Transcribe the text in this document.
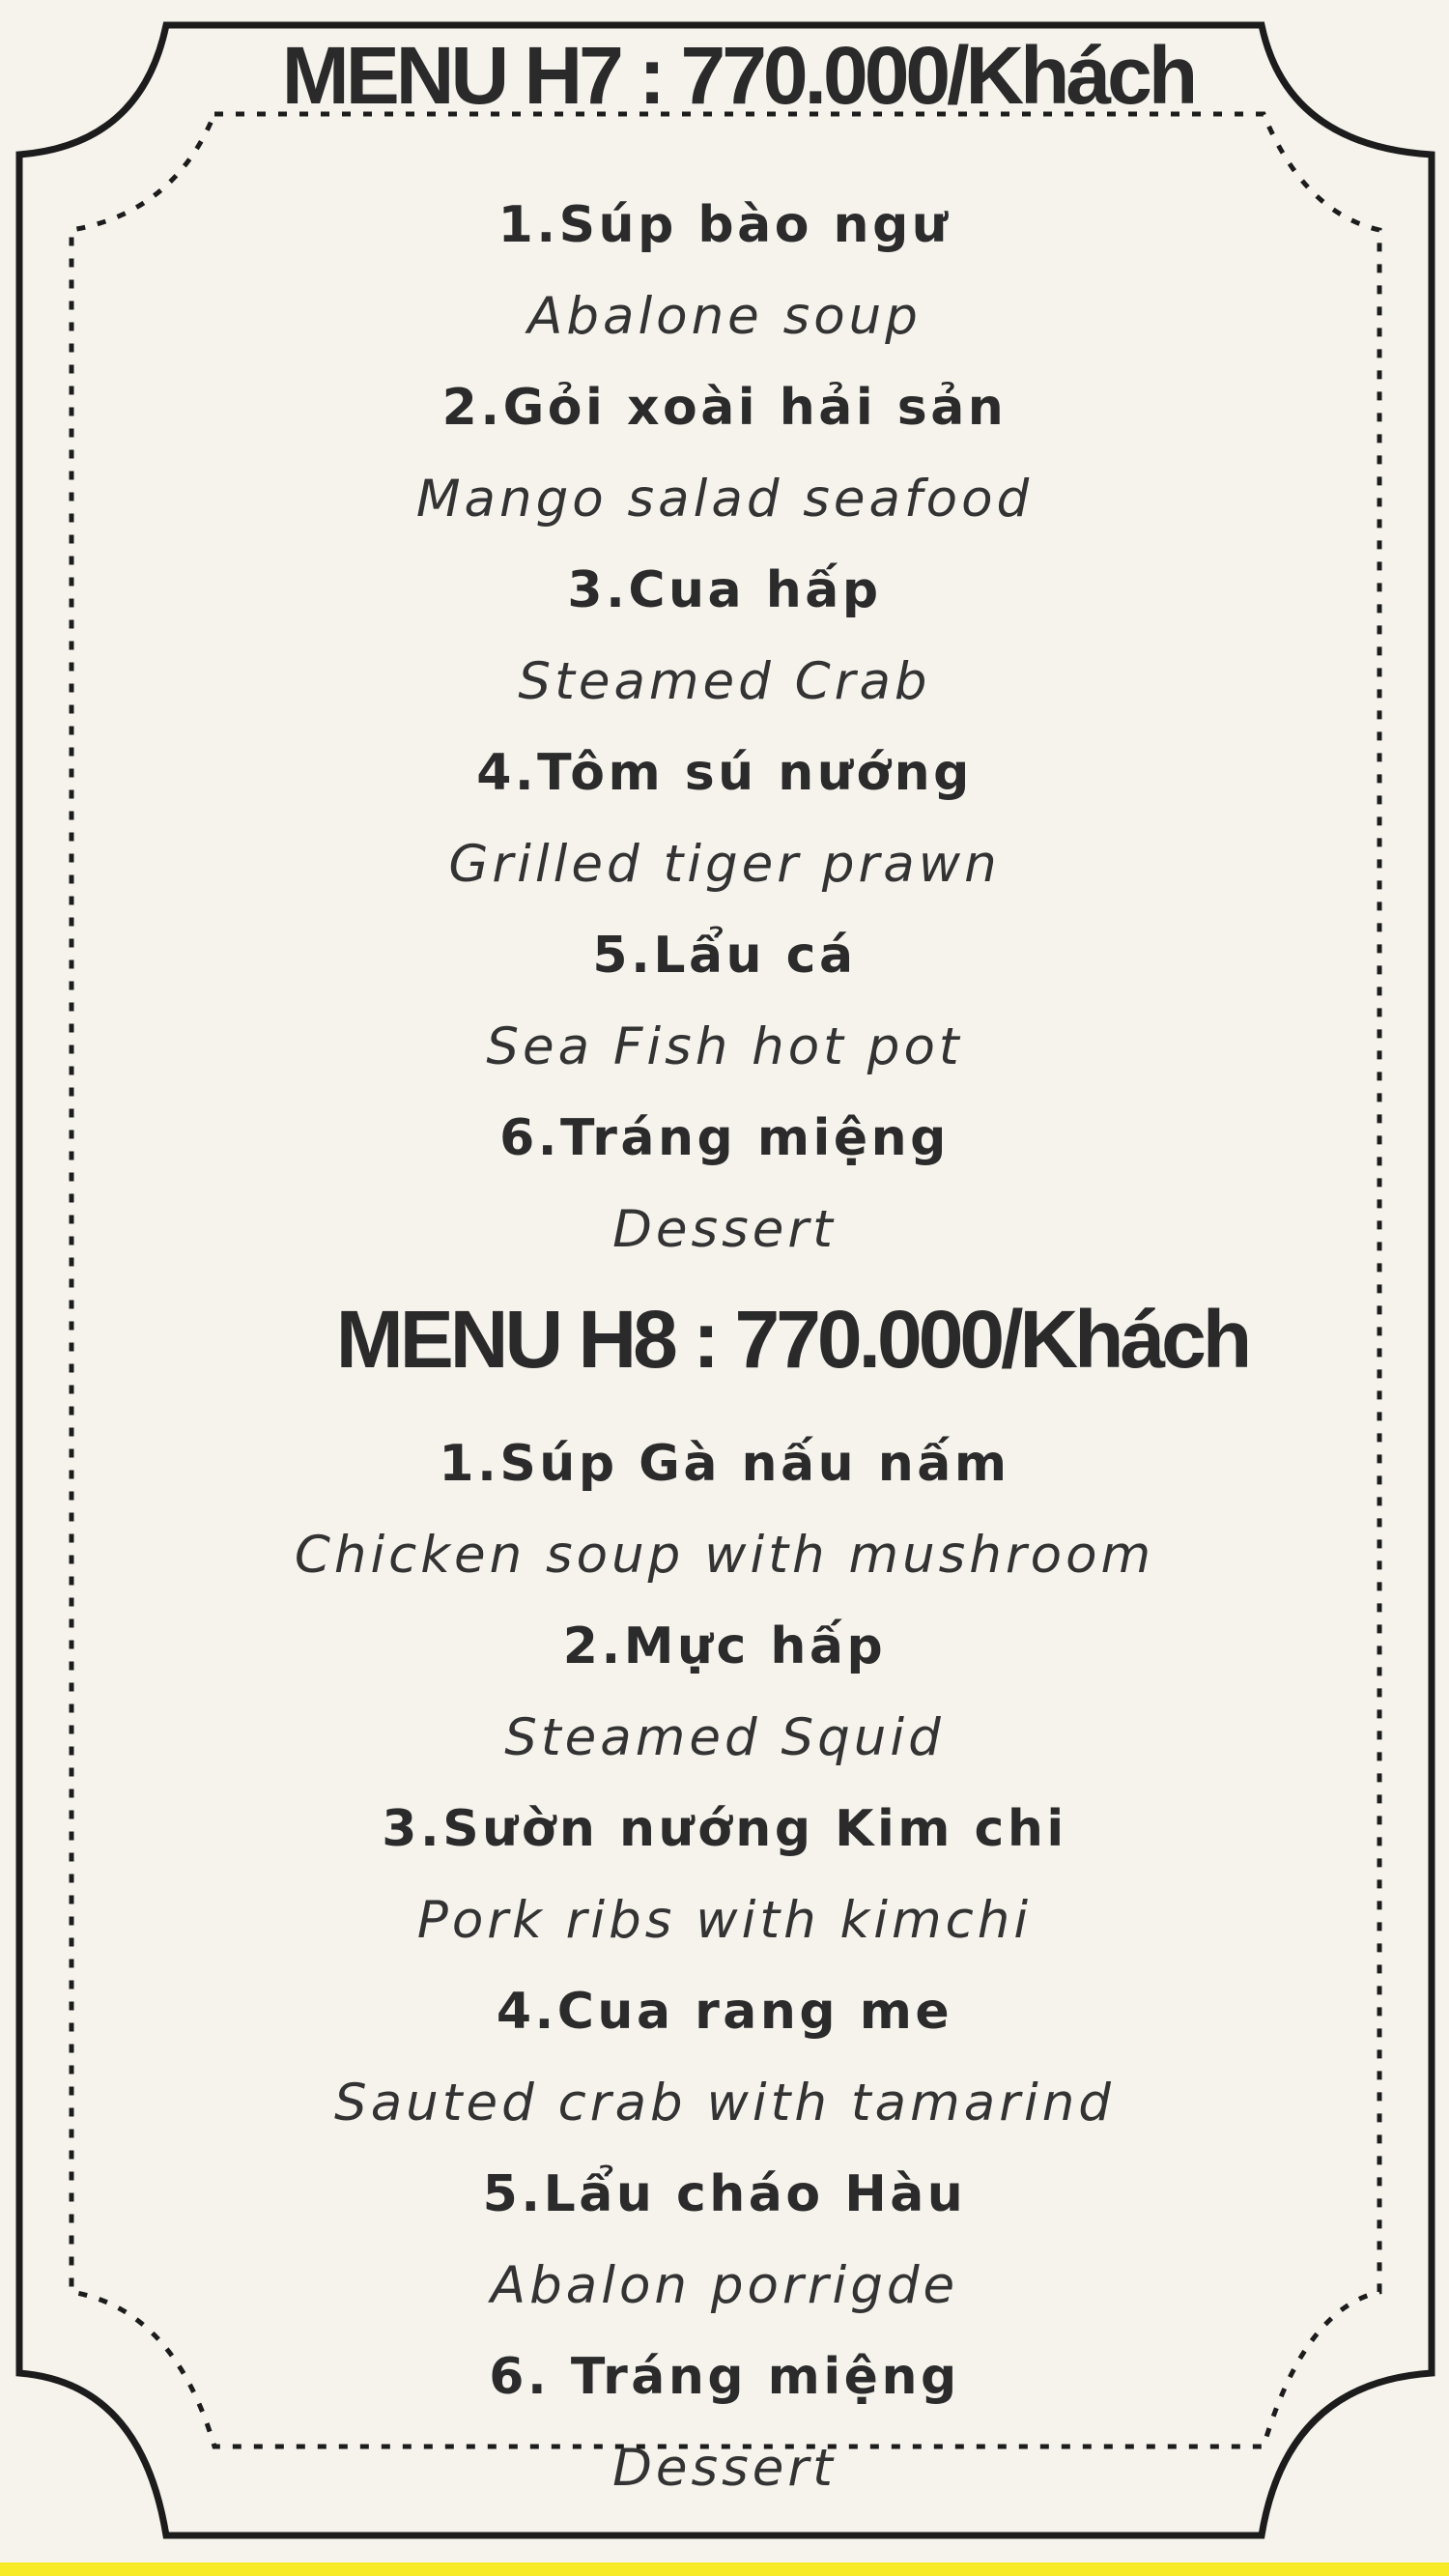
MENU H7 : 770.000/Khách
1.Súp bào ngư
Abalone soup
2.Gỏi xoài hải sản
Mango salad seafood
3.Cua hấp
Steamed Crab
4.Tôm sú nướng
Grilled tiger prawn
5.Lẩu cá
Sea Fish hot pot
6.Tráng miệng
Dessert
MENU H8 : 770.000/Khách
1.Súp Gà nấu nấm
Chicken soup with mushroom
2.Mực hấp
Steamed Squid
3.Sườn nướng Kim chi
Pork ribs with kimchi
4.Cua rang me
Sauted crab with tamarind
5.Lẩu cháo Hàu
Abalon porrigde
6. Tráng miệng
Dessert
